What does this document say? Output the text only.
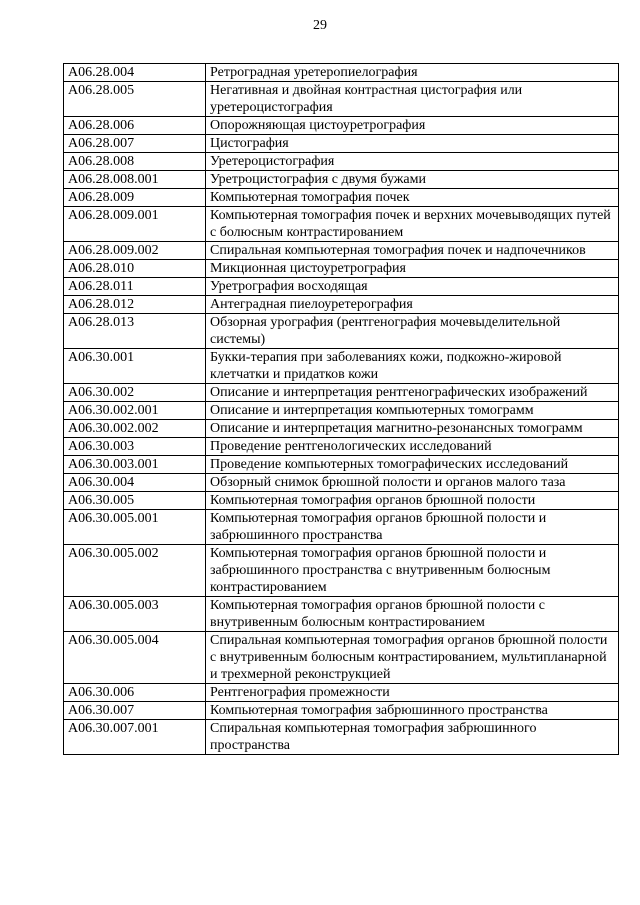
29
A06.28.004	Ретроградная уретеропиелография
A06.28.005	Негативная и двойная контрастная цистография или уретероцистография
A06.28.006	Опорожняющая цистоуретрография
A06.28.007	Цистография
A06.28.008	Уретероцистография
A06.28.008.001	Уретроцистография с двумя бужами
A06.28.009	Компьютерная томография почек
A06.28.009.001	Компьютерная томография почек и верхних мочевыводящих путей с болюсным контрастированием
A06.28.009.002	Спиральная компьютерная томография почек и надпочечников
A06.28.010	Микционная цистоуретрография
A06.28.011	Уретрография восходящая
A06.28.012	Антеградная пиелоуретерография
A06.28.013	Обзорная урография (рентгенография мочевыделительной системы)
A06.30.001	Букки-терапия при заболеваниях кожи, подкожно-жировой клетчатки и придатков кожи
A06.30.002	Описание и интерпретация рентгенографических изображений
A06.30.002.001	Описание и интерпретация компьютерных томограмм
A06.30.002.002	Описание и интерпретация магнитно-резонансных томограмм
A06.30.003	Проведение рентгенологических исследований
A06.30.003.001	Проведение компьютерных томографических исследований
A06.30.004	Обзорный снимок брюшной полости и органов малого таза
A06.30.005	Компьютерная томография органов брюшной полости
A06.30.005.001	Компьютерная томография органов брюшной полости и забрюшинного пространства
A06.30.005.002	Компьютерная томография органов брюшной полости и забрюшинного пространства с внутривенным болюсным контрастированием
A06.30.005.003	Компьютерная томография органов брюшной полости с внутривенным болюсным контрастированием
A06.30.005.004	Спиральная компьютерная томография органов брюшной полости с внутривенным болюсным контрастированием, мультипланарной и трехмерной реконструкцией
A06.30.006	Рентгенография промежности
A06.30.007	Компьютерная томография забрюшинного пространства
A06.30.007.001	Спиральная компьютерная томография забрюшинного пространства
